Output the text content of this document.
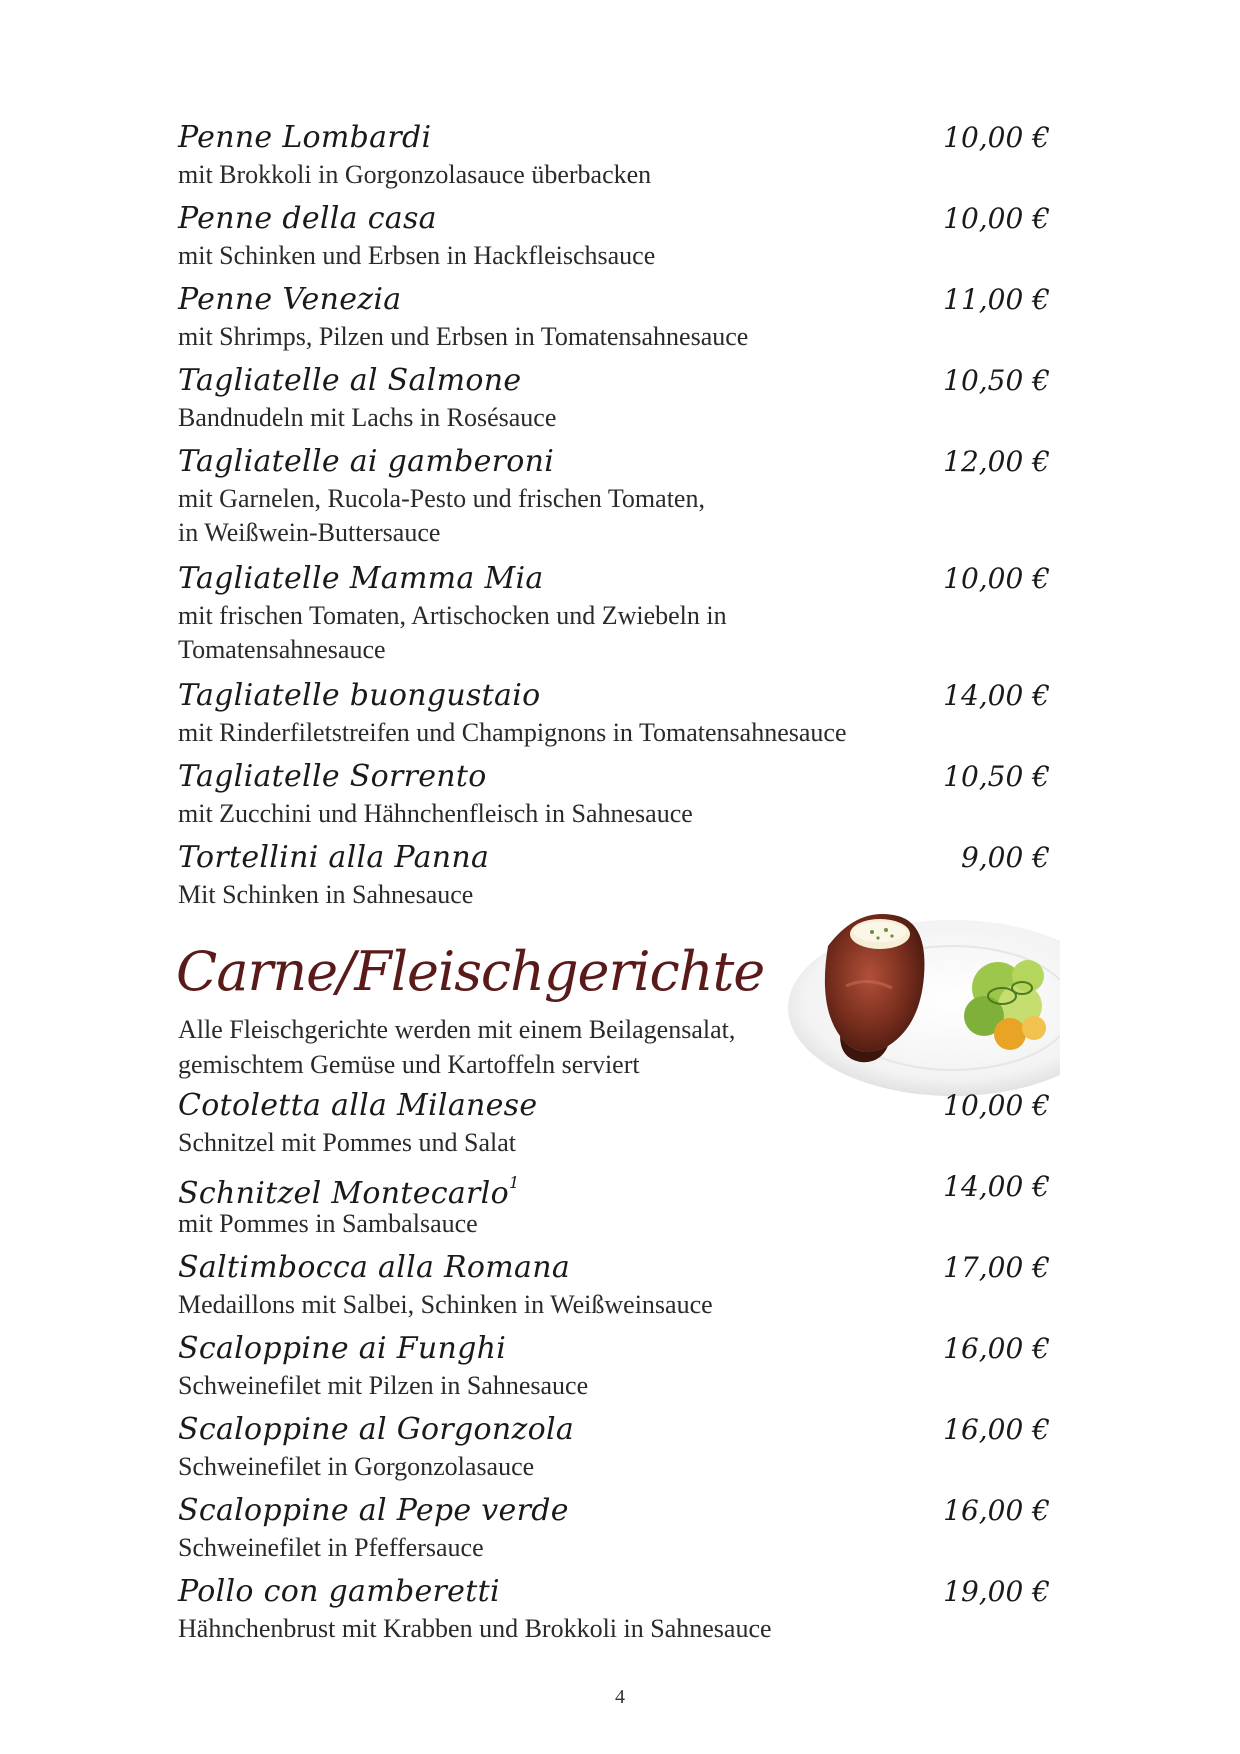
Penne Lombardi	10,00 €
mit Brokkoli in Gorgonzolasauce überbacken
Penne della casa	10,00 €
mit Schinken und Erbsen in Hackfleischsauce
Penne Venezia	11,00 €
mit Shrimps, Pilzen und Erbsen in Tomatensahnesauce
Tagliatelle al Salmone	10,50 €
Bandnudeln mit Lachs in Rosésauce
Tagliatelle ai gamberoni	12,00 €
mit Garnelen, Rucola-Pesto und frischen Tomaten,
in Weißwein-Buttersauce
Tagliatelle Mamma Mia	10,00 €
mit frischen Tomaten, Artischocken und Zwiebeln in
Tomatensahnesauce
Tagliatelle buongustaio	14,00 €
mit Rinderfiletstreifen und Champignons in Tomatensahnesauce
Tagliatelle Sorrento	10,50 €
mit Zucchini und Hähnchenfleisch in Sahnesauce
Tortellini alla Panna	9,00 €
Mit Schinken in Sahnesauce
Carne/Fleischgerichte
Alle Fleischgerichte werden mit einem Beilagensalat,
gemischtem Gemüse und Kartoffeln serviert
Cotoletta alla Milanese	10,00 €
Schnitzel mit Pommes und Salat
Schnitzel Montecarlo$^1$	14,00 €
mit Pommes in Sambalsauce
Saltimbocca alla Romana	17,00 €
Medaillons mit Salbei, Schinken in Weißweinsauce
Scaloppine ai Funghi	16,00 €
Schweinefilet mit Pilzen in Sahnesauce
Scaloppine al Gorgonzola	16,00 €
Schweinefilet in Gorgonzolasauce
Scaloppine al Pepe verde	16,00 €
Schweinefilet in Pfeffersauce
Pollo con gamberetti	19,00 €
Hähnchenbrust mit Krabben und Brokkoli in Sahnesauce
4
